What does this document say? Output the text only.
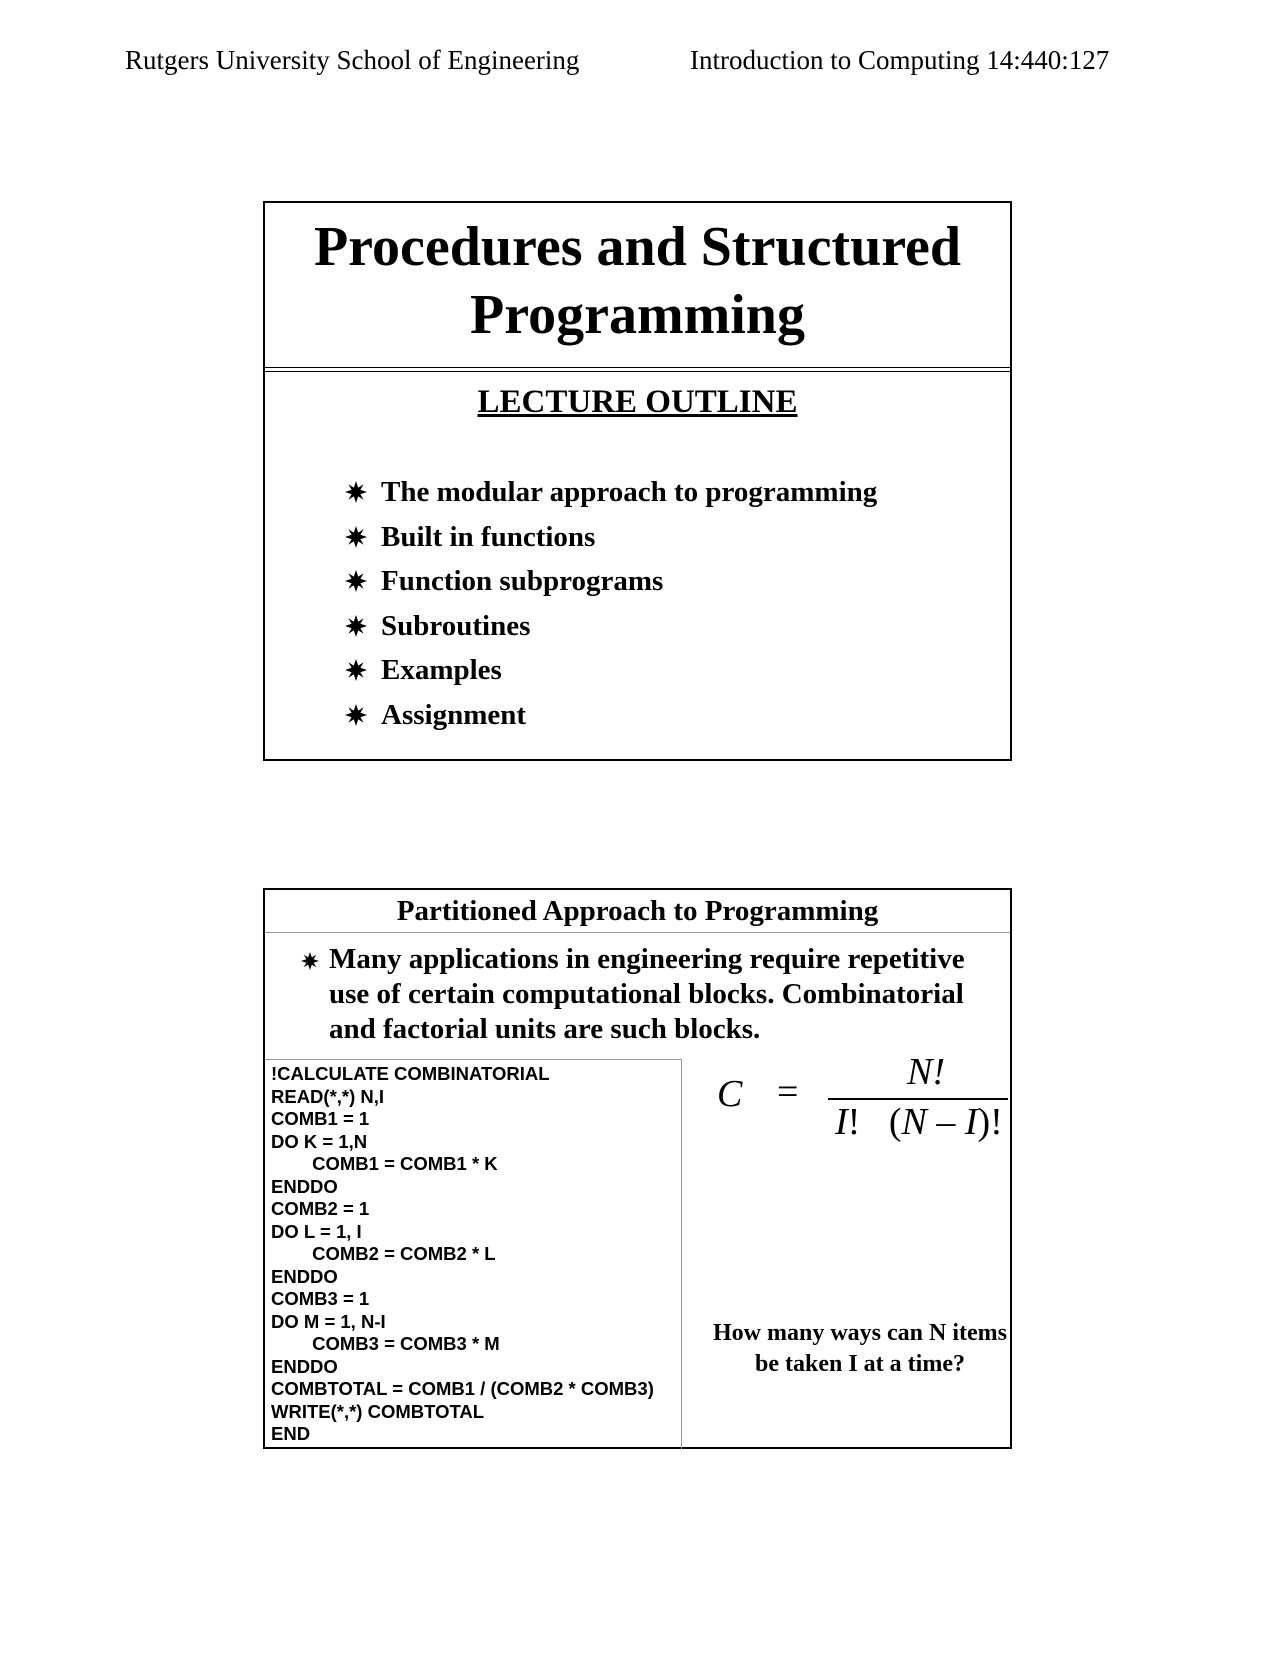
Rutgers University School of Engineering	Introduction to Computing 14:440:127
Procedures and Structured
Programming
LECTURE OUTLINE
The modular approach to programming
Built in functions
Function subprograms
Subroutines
Examples
Assignment
Partitioned Approach to Programming
Many applications in engineering require repetitive use of certain computational blocks. Combinatorial and factorial units are such blocks.
!CALCULATE COMBINATORIAL
READ(*,*) N,I
COMB1 = 1
DO K = 1,N
COMB1 = COMB1 * K
ENDDO
COMB2 = 1
DO L = 1, I
COMB2 = COMB2 * L
ENDDO
COMB3 = 1
DO M = 1, N-I
COMB3 = COMB3 * M
ENDDO
COMBTOTAL = COMB1 / (COMB2 * COMB3)
WRITE(*,*) COMBTOTAL
END
C =	N!
I! (N – I)!
How many ways can N items be taken I at a time?
